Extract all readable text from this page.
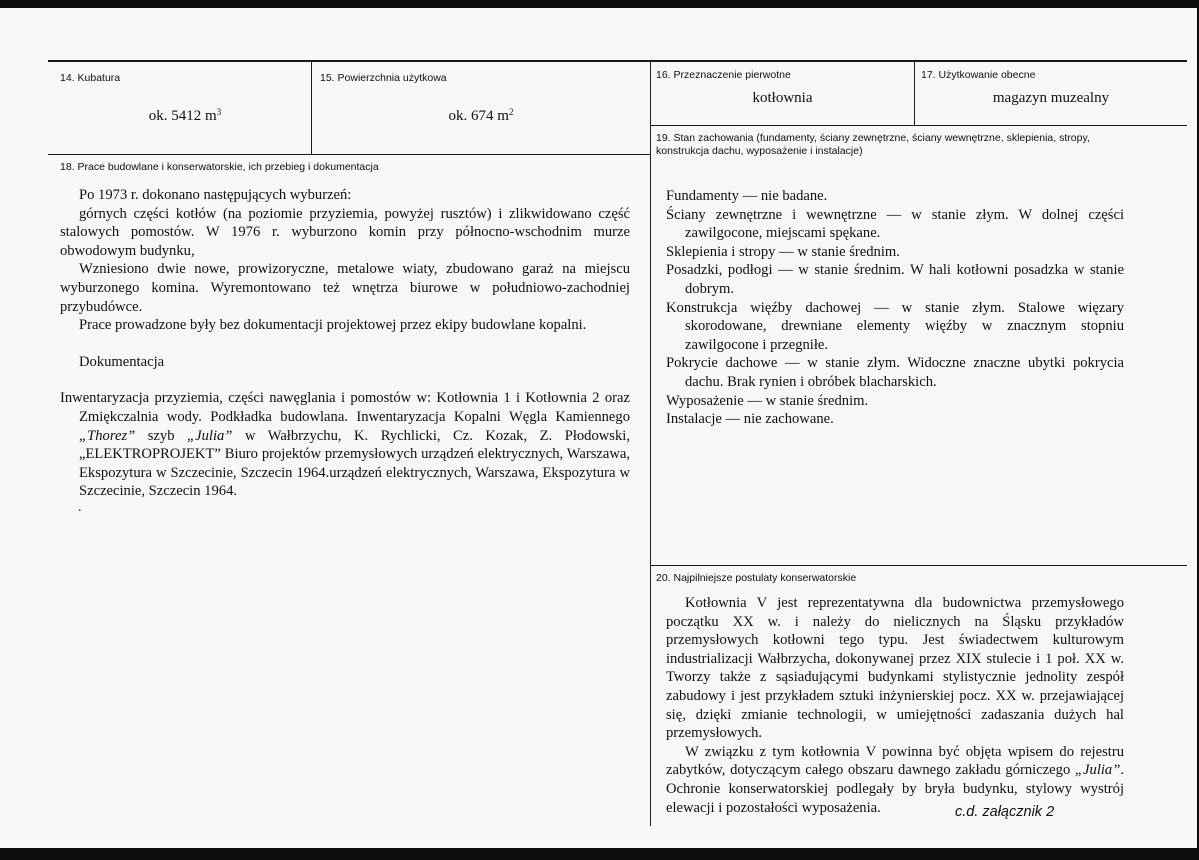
14. Kubatura
ok. 5412 $m^3$
15. Powierzchnia użytkowa
ok. 674 $m^2$
16. Przeznaczenie pierwotne
kotłownia
17. Użytkowanie obecne
magazyn muzealny
19. Stan zachowania (fundamenty, ściany zewnętrzne, ściany wewnętrzne, sklepienia, stropy, konstrukcja dachu, wyposażenie i instalacje)
18. Prace budowlane i konserwatorskie, ich przebieg i dokumentacja
20. Najpilniejsze postulaty konserwatorskie
c.d. załącznik 2

Po 1973 r. dokonano następujących wyburzeń:

górnych części kotłów (na poziomie przyziemia, powyżej rusztów) i zlikwidowano część stalowych pomostów. W 1976 r. wyburzono komin przy północno-wschodnim murze obwodowym budynku,

Wzniesiono dwie nowe, prowizoryczne, metalowe wiaty, zbudowano garaż na miejscu wyburzonego komina. Wyremontowano też wnętrza biurowe w południowo-zachodniej przybudówce.

Prace prowadzone były bez dokumentacji projektowej przez ekipy budowlane kopalni.

Dokumentacja

Inwentaryzacja przyziemia, części nawęglania i pomostów w: Kotłownia 1 i Kotłownia 2 oraz Zmiękczalnia wody. Podkładka budowlana. Inwentaryzacja Kopalni Węgla Kamiennego „Thorez” szyb „Julia” w Wałbrzychu, K. Rychlicki, Cz. Kozak, Z. Płodowski, „ELEKTROPROJEKT” Biuro projektów przemysłowych urządzeń elektrycznych, Warszawa, Ekspozytura w Szczecinie, Szczecin 1964.urządzeń elektrycznych, Warszawa, Ekspozytura w Szczecinie, Szczecin 1964.

.

Fundamenty — nie badane.

Ściany zewnętrzne i wewnętrzne — w stanie złym. W dolnej części zawilgocone, miejscami spękane.

Sklepienia i stropy — w stanie średnim.

Posadzki, podłogi — w stanie średnim. W hali kotłowni posadzka w stanie dobrym.

Konstrukcja więźby dachowej — w stanie złym. Stalowe więzary skorodowane, drewniane elementy więźby w znacznym stopniu zawilgocone i przegniłe.

Pokrycie dachowe — w stanie złym. Widoczne znaczne ubytki pokrycia dachu. Brak rynien i obróbek blacharskich.

Wyposażenie — w stanie średnim.

Instalacje — nie zachowane.

Kotłownia V jest reprezentatywna dla budownictwa przemysłowego początku XX w. i należy do nielicznych na Śląsku przykładów przemysłowych kotłowni tego typu. Jest świadectwem kulturowym industrializacji Wałbrzycha, dokonywanej przez XIX stulecie i 1 poł. XX w. Tworzy także z sąsiadującymi budynkami stylistycznie jednolity zespół zabudowy i jest przykładem sztuki inżynierskiej pocz. XX w. przejawiającej się, dzięki zmianie technologii, w umiejętności zadaszania dużych hal przemysłowych.

W związku z tym kotłownia V powinna być objęta wpisem do rejestru zabytków, dotyczącym całego obszaru dawnego zakładu górniczego „Julia”. Ochronie konserwatorskiej podlegały by bryła budynku, stylowy wystrój elewacji i pozostałości wyposażenia.
